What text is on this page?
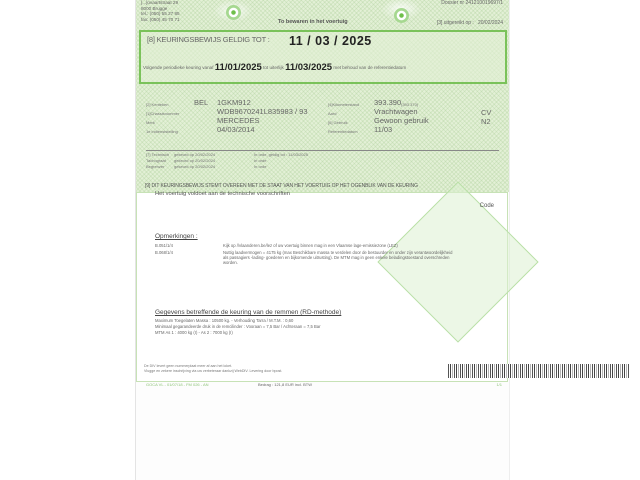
[...]ovaartstraat 29
8000 Brugge
tel.: (050) 55 27 85
fax: (050) 45 70 71	To bewaren in het voertuig
Dossier nr 241210019697/1
[3] uitgereikt op : 20/02/2024
[8] KEURINGSBEWIJS GELDIG TOT : 11 / 03 / 2025
Volgende periodieke keuring vanaf 11/01/2025 tot uiterlijk 11/03/2025 met behoud van de referentiedatum
[2] Kenteken	BEL 1GKM912
[1]Chassisnummer	WDB9670241L835983 / 93
Merk	MERCEDES
1e indienststelling	04/03/2014
[4]Kilometerstand 393.390 (393.370)
Aard	Vrachtwagen	CV
[6] Gebruik	Gewoon gebruik	N2
Referentiedatum 11/03
[7] Technisch gekeurd op 20/02/2024	In orde, geldig tot : 11/03/2025
Tachograaf gekeurd op 20/02/2024	In orde
Begrenzer gekeurd op 20/02/2024	In orde
[9] DIT KEURINGSBEWIJS STEMT OVEREEN MET DE STAAT VAN HET VOERTUIG OP HET OGENBLIK VAN DE KEURING
Het voertuig voldoet aan de technische voorschriften
Code
Opmerkingen :
B.051/1/4	Kijk op //vlaanderen.be/lez of uw voertuig binnen mag in een Vlaamse lage-emissiezone (LEZ)
B.068/1/4	Nuttig laadvermogen = 4175 kg (max Beschikbare massa te verdelen door de bestuurder en onder zijn verantwoordelijkheid als passagiers -lading- goederen en bijkomende uitrusting). De MTM mag in geen enkele beladingstoestand overschreden worden.
Gegevens betreffende de keuring van de remmen (RD-methode)
Maximum Toegelaten Massa : 10500 kg. - Verhouding Tarra / M.T.M. : 0,60
Minimaal gegarandeerde druk in de remcilinder : Vooraan = 7,5 Bar / Achteraan = 7,5 Bar
MTM As 1 : 4000 kg (I) - As 2 : 7000 kg (I)
De DIV levert geen nummerplaat meer af aan het loket.
Vlugge en zekere inschrijving via uw verbeteraar dankzij WebDIV. Levering door bpost.
GOCA VL - 01/07/18 - FM 026 - AN	Bedrag : 121,8 EUR incl. BTW	1/1
